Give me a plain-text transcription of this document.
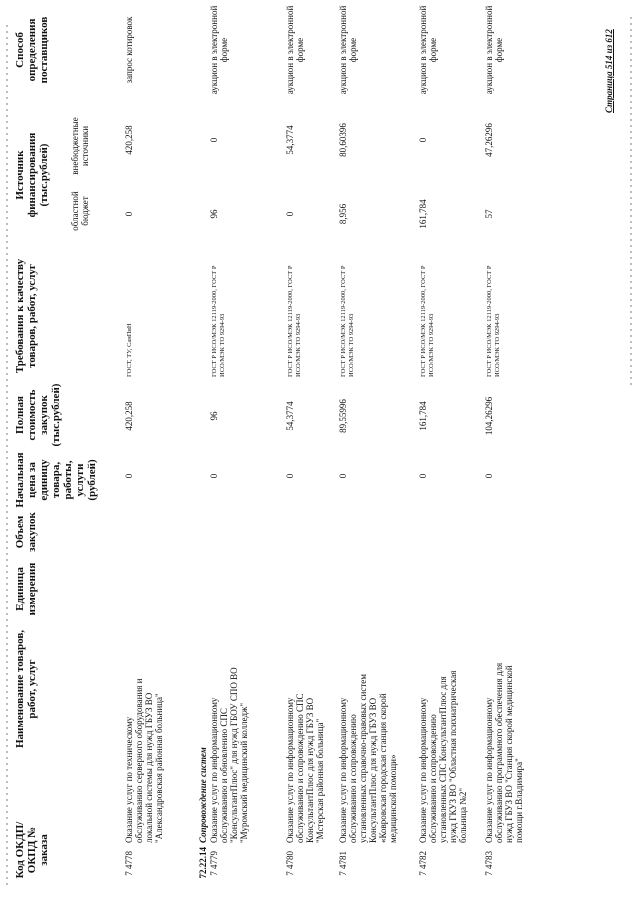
Код ОКДП/ ОКПД № заказа
Наименование товаров, работ, услуг
Единица измерения
Объем закупок
Начальная цена за единицу товара, работы, услуги (рублей)
Полная стоимость закупок (тыс.рублей)
Требования к качеству товаров, работ, услуг
Источник финансирования (тыс.рублей)
областной бюджет
внебюджетные источники
Способ определения поставщиков
7 4778
Оказание услуг по техническому обслуживанию серверного оборудования и локальной системы для нужд ГБУЗ ВО "Александровская районная больница"
0
420,258
ГОСТ, ТУ, СанПиН
0
420,258
запрос котировок
72.22.14
Сопровождение систем
7 4779
Оказание услуг по информационному обслуживанию и обновлению СПС "КонсультантПлюс" для нужд ГБОУ СПО ВО "Муромский медицинский колледж"
0
96
ГОСТ Р ИСО/МЭК 12119-2000, ГОСТ Р ИСО/МЭК ТО 9294-93
96
0
аукцион в электронной форме
7 4780
Оказание услуг по информационному обслуживанию и сопровождению СПС КонсультантПлюс для нужд ГБУЗ ВО "Мстерская районная больница"
0
54,3774
ГОСТ Р ИСО/МЭК 12119-2000, ГОСТ Р ИСО/МЭК ТО 9294-93
0
54,3774
аукцион в электронной форме
7 4781
Оказание услуг по информационному обслуживанию и сопровождению установленных справочно-правовых систем КонсультантПлюс для нужд ГБУЗ ВО «Ковровская городская станция скорой медицинской помощи»
0
89,55996
ГОСТ Р ИСО/МЭК 12119-2000, ГОСТ Р ИСО/МЭК ТО 9294-93
8,956
80,60396
аукцион в электронной форме
7 4782
Оказание услуг по информационному обслуживанию и сопровождению установленных СПС КонсультантПлюс для нужд ГКУЗ ВО "Областная психиатрическая больница №2"
0
161,784
ГОСТ Р ИСО/МЭК 12119-2000, ГОСТ Р ИСО/МЭК ТО 9294-93
161,784
0
аукцион в электронной форме
7 4783
Оказание услуг по информационному обслуживанию программного обеспечения для нужд ГБУЗ ВО "Станция скорой медицинской помощи г.Владимира"
0
104,26296
ГОСТ Р ИСО/МЭК 12119-2000, ГОСТ Р ИСО/МЭК ТО 9294-93
57
47,26296
аукцион в электронной форме	Страница 514 из 612
